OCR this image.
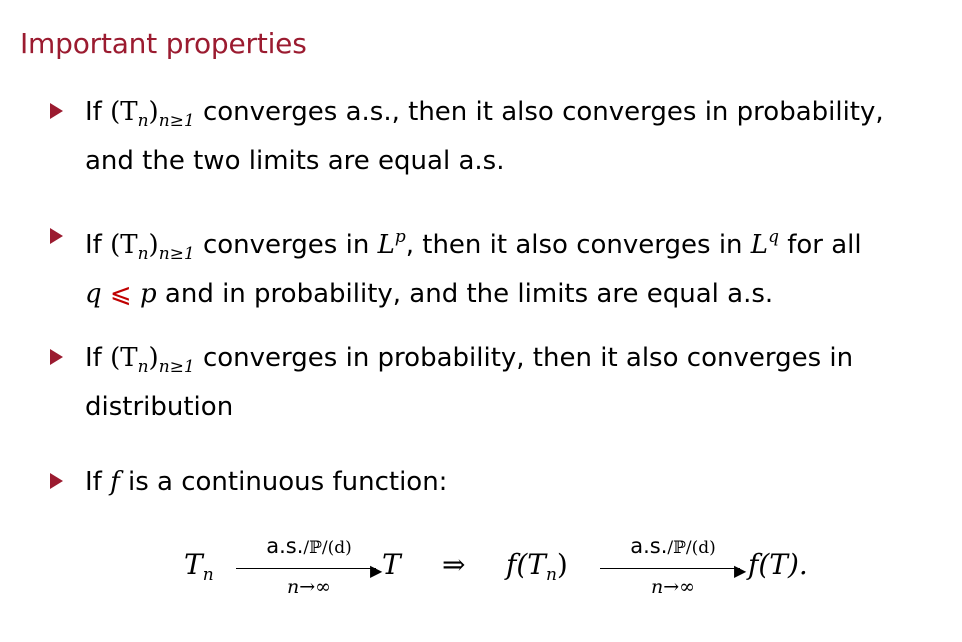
Important properties
If $(T_n)_{n\ge 1}$ converges a.s., then it also converges in probability,
and the two limits are equal a.s.
If $(T_n)_{n\ge 1}$ converges in $L^p$, then it also converges in $L^q$ for all
q ⩽ p and in probability, and the limits are equal a.s.
If $(T_n)_{n\ge 1}$ converges in probability, then it also converges in
distribution
If f is a continuous function:
$T_n$
a.s./ℙ/(d)
▶
n→∞
T ⇒ $f(T_n)$
a.s./ℙ/(d)
▶
n→∞
f(T).
